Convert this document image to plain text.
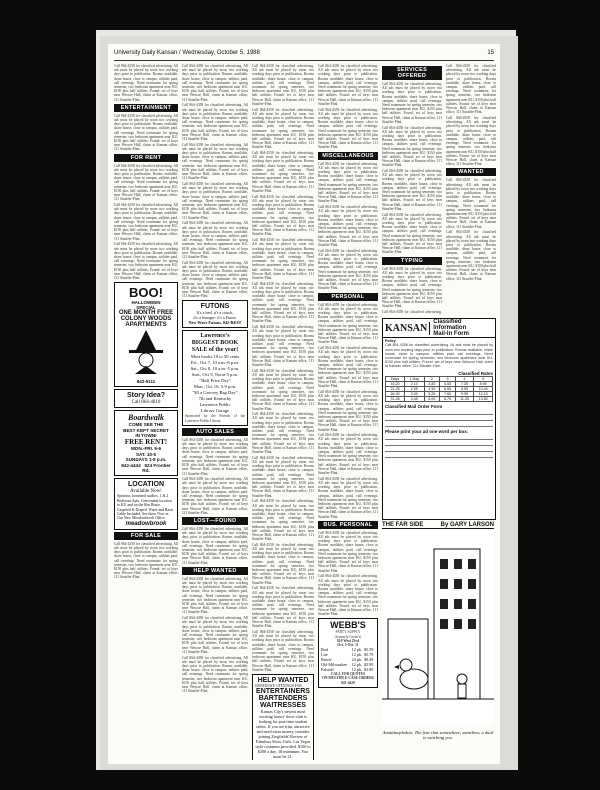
University Daily Kansan / Wednesday, October 5, 1988	15

Call 864-4358 for classified advertising. All ads must be placed by noon two working days prior to publication. Rooms available, share house, close to campus, utilities paid, call evenings. Need roommate for spring semester, two bedroom apartment near KU, $150 plus half utilities. Found: set of keys near Wescoe Hall, claim at Kansan office, 111 Stauffer-Flint.

ENTERTAINMENT

Call 864-4358 for classified advertising. All ads must be placed by noon two working days prior to publication. Rooms available, share house, close to campus, utilities paid, call evenings. Need roommate for spring semester, two bedroom apartment near KU, $150 plus half utilities. Found: set of keys near Wescoe Hall, claim at Kansan office, 111 Stauffer-Flint.

FOR RENT

Call 864-4358 for classified advertising. All ads must be placed by noon two working days prior to publication. Rooms available, share house, close to campus, utilities paid, call evenings. Need roommate for spring semester, two bedroom apartment near KU, $150 plus half utilities. Found: set of keys near Wescoe Hall, claim at Kansan office, 111 Stauffer-Flint.

Call 864-4358 for classified advertising. All ads must be placed by noon two working days prior to publication. Rooms available, share house, close to campus, utilities paid, call evenings. Need roommate for spring semester, two bedroom apartment near KU, $150 plus half utilities. Found: set of keys near Wescoe Hall, claim at Kansan office, 111 Stauffer-Flint.

Call 864-4358 for classified advertising. All ads must be placed by noon two working days prior to publication. Rooms available, share house, close to campus, utilities paid, call evenings. Need roommate for spring semester, two bedroom apartment near KU, $150 plus half utilities. Found: set of keys near Wescoe Hall, claim at Kansan office, 111 Stauffer-Flint.

BOO!
HALLOWEEN
SPECIAL
ONE MONTH FREE
COLONY WOODS
APARTMENTS
842-5111
Story Idea?
Call 864-4810
Boardwalk
COME SEE THE
BEST KEPT SECRET
IN TOWN!
FREE RENT!
MON.-FRI. 9-6
SAT. 10-5
SUNDAYS 1-5 p.m.
842-4444 524 Frontier Rd.
LOCATION
Available Now!
Spacious furnished studios, 1 & 2 Bedroom Apts. Convenient location to KU and on the Bus Route. Carpeted & Draped. Water and Basic Cable Included. See these Now in Our New Meadowbrook Office.
meadowbrook
FOR SALE

Call 864-4358 for classified advertising. All ads must be placed by noon two working days prior to publication. Rooms available, share house, close to campus, utilities paid, call evenings. Need roommate for spring semester, two bedroom apartment near KU, $150 plus half utilities. Found: set of keys near Wescoe Hall, claim at Kansan office, 111 Stauffer-Flint.

Call 864-4358 for classified advertising. All ads must be placed by noon two working days prior to publication. Rooms available, share house, close to campus, utilities paid, call evenings. Need roommate for spring semester, two bedroom apartment near KU, $150 plus half utilities. Found: set of keys near Wescoe Hall, claim at Kansan office, 111 Stauffer-Flint.

Call 864-4358 for classified advertising. All ads must be placed by noon two working days prior to publication. Rooms available, share house, close to campus, utilities paid, call evenings. Need roommate for spring semester, two bedroom apartment near KU, $150 plus half utilities. Found: set of keys near Wescoe Hall, claim at Kansan office, 111 Stauffer-Flint.

Call 864-4358 for classified advertising. All ads must be placed by noon two working days prior to publication. Rooms available, share house, close to campus, utilities paid, call evenings. Need roommate for spring semester, two bedroom apartment near KU, $150 plus half utilities. Found: set of keys near Wescoe Hall, claim at Kansan office, 111 Stauffer-Flint.

Call 864-4358 for classified advertising. All ads must be placed by noon two working days prior to publication. Rooms available, share house, close to campus, utilities paid, call evenings. Need roommate for spring semester, two bedroom apartment near KU, $150 plus half utilities. Found: set of keys near Wescoe Hall, claim at Kansan office, 111 Stauffer-Flint.

Call 864-4358 for classified advertising. All ads must be placed by noon two working days prior to publication. Rooms available, share house, close to campus, utilities paid, call evenings. Need roommate for spring semester, two bedroom apartment near KU, $150 plus half utilities. Found: set of keys near Wescoe Hall, claim at Kansan office, 111 Stauffer-Flint.

Call 864-4358 for classified advertising. All ads must be placed by noon two working days prior to publication. Rooms available, share house, close to campus, utilities paid, call evenings. Need roommate for spring semester, two bedroom apartment near KU, $150 plus half utilities. Found: set of keys near Wescoe Hall, claim at Kansan office, 111 Stauffer-Flint.

FUTONS
It's a bed, it's a couch,
it's a lounger- it's a Futon.
New Wave Futons. 842-REST
Lawrence's
BIGGEST BOOK
SALE of the year!
Most books 10 to 50 cents
Fri., Oct 7, 10 a.m.-6 p.m.
Sat., Oct 8, 10 a.m.-5 p.m.
Sun., Oct 9, Noon-5 p.m.
"Half Price Day"
Mon., Oct 10, 5-9 p.m.
"$3 a Grocery Bag Day"
7th and Kentucky
Lawrence Public
Library Garage
Sponsored by the Friends of the Lawrence Public Library
AUTO SALES

Call 864-4358 for classified advertising. All ads must be placed by noon two working days prior to publication. Rooms available, share house, close to campus, utilities paid, call evenings. Need roommate for spring semester, two bedroom apartment near KU, $150 plus half utilities. Found: set of keys near Wescoe Hall, claim at Kansan office, 111 Stauffer-Flint.

Call 864-4358 for classified advertising. All ads must be placed by noon two working days prior to publication. Rooms available, share house, close to campus, utilities paid, call evenings. Need roommate for spring semester, two bedroom apartment near KU, $150 plus half utilities. Found: set of keys near Wescoe Hall, claim at Kansan office, 111 Stauffer-Flint.

LOST—FOUND

Call 864-4358 for classified advertising. All ads must be placed by noon two working days prior to publication. Rooms available, share house, close to campus, utilities paid, call evenings. Need roommate for spring semester, two bedroom apartment near KU, $150 plus half utilities. Found: set of keys near Wescoe Hall, claim at Kansan office, 111 Stauffer-Flint.

HELP WANTED

Call 864-4358 for classified advertising. All ads must be placed by noon two working days prior to publication. Rooms available, share house, close to campus, utilities paid, call evenings. Need roommate for spring semester, two bedroom apartment near KU, $150 plus half utilities. Found: set of keys near Wescoe Hall, claim at Kansan office, 111 Stauffer-Flint.

Call 864-4358 for classified advertising. All ads must be placed by noon two working days prior to publication. Rooms available, share house, close to campus, utilities paid, call evenings. Need roommate for spring semester, two bedroom apartment near KU, $150 plus half utilities. Found: set of keys near Wescoe Hall, claim at Kansan office, 111 Stauffer-Flint.

Call 864-4358 for classified advertising. All ads must be placed by noon two working days prior to publication. Rooms available, share house, close to campus, utilities paid, call evenings. Need roommate for spring semester, two bedroom apartment near KU, $150 plus half utilities. Found: set of keys near Wescoe Hall, claim at Kansan office, 111 Stauffer-Flint.

Call 864-4358 for classified advertising. All ads must be placed by noon two working days prior to publication. Rooms available, share house, close to campus, utilities paid, call evenings. Need roommate for spring semester, two bedroom apartment near KU, $150 plus half utilities. Found: set of keys near Wescoe Hall, claim at Kansan office, 111 Stauffer-Flint.

Call 864-4358 for classified advertising. All ads must be placed by noon two working days prior to publication. Rooms available, share house, close to campus, utilities paid, call evenings. Need roommate for spring semester, two bedroom apartment near KU, $150 plus half utilities. Found: set of keys near Wescoe Hall, claim at Kansan office, 111 Stauffer-Flint.

Call 864-4358 for classified advertising. All ads must be placed by noon two working days prior to publication. Rooms available, share house, close to campus, utilities paid, call evenings. Need roommate for spring semester, two bedroom apartment near KU, $150 plus half utilities. Found: set of keys near Wescoe Hall, claim at Kansan office, 111 Stauffer-Flint.

Call 864-4358 for classified advertising. All ads must be placed by noon two working days prior to publication. Rooms available, share house, close to campus, utilities paid, call evenings. Need roommate for spring semester, two bedroom apartment near KU, $150 plus half utilities. Found: set of keys near Wescoe Hall, claim at Kansan office, 111 Stauffer-Flint.

Call 864-4358 for classified advertising. All ads must be placed by noon two working days prior to publication. Rooms available, share house, close to campus, utilities paid, call evenings. Need roommate for spring semester, two bedroom apartment near KU, $150 plus half utilities. Found: set of keys near Wescoe Hall, claim at Kansan office, 111 Stauffer-Flint.

Call 864-4358 for classified advertising. All ads must be placed by noon two working days prior to publication. Rooms available, share house, close to campus, utilities paid, call evenings. Need roommate for spring semester, two bedroom apartment near KU, $150 plus half utilities. Found: set of keys near Wescoe Hall, claim at Kansan office, 111 Stauffer-Flint.

Call 864-4358 for classified advertising. All ads must be placed by noon two working days prior to publication. Rooms available, share house, close to campus, utilities paid, call evenings. Need roommate for spring semester, two bedroom apartment near KU, $150 plus half utilities. Found: set of keys near Wescoe Hall, claim at Kansan office, 111 Stauffer-Flint.

Call 864-4358 for classified advertising. All ads must be placed by noon two working days prior to publication. Rooms available, share house, close to campus, utilities paid, call evenings. Need roommate for spring semester, two bedroom apartment near KU, $150 plus half utilities. Found: set of keys near Wescoe Hall, claim at Kansan office, 111 Stauffer-Flint.

Call 864-4358 for classified advertising. All ads must be placed by noon two working days prior to publication. Rooms available, share house, close to campus, utilities paid, call evenings. Need roommate for spring semester, two bedroom apartment near KU, $150 plus half utilities. Found: set of keys near Wescoe Hall, claim at Kansan office, 111 Stauffer-Flint.

Call 864-4358 for classified advertising. All ads must be placed by noon two working days prior to publication. Rooms available, share house, close to campus, utilities paid, call evenings. Need roommate for spring semester, two bedroom apartment near KU, $150 plus half utilities. Found: set of keys near Wescoe Hall, claim at Kansan office, 111 Stauffer-Flint.

Call 864-4358 for classified advertising. All ads must be placed by noon two working days prior to publication. Rooms available, share house, close to campus, utilities paid, call evenings. Need roommate for spring semester, two bedroom apartment near KU, $150 plus half utilities. Found: set of keys near Wescoe Hall, claim at Kansan office, 111 Stauffer-Flint.

Call 864-4358 for classified advertising. All ads must be placed by noon two working days prior to publication. Rooms available, share house, close to campus, utilities paid, call evenings. Need roommate for spring semester, two bedroom apartment near KU, $150 plus half utilities. Found: set of keys near Wescoe Hall, claim at Kansan office, 111 Stauffer-Flint.

Call 864-4358 for classified advertising. All ads must be placed by noon two working days prior to publication. Rooms available, share house, close to campus, utilities paid, call evenings. Need roommate for spring semester, two bedroom apartment near KU, $150 plus half utilities. Found: set of keys near Wescoe Hall, claim at Kansan office, 111 Stauffer-Flint.

Call 864-4358 for classified advertising. All ads must be placed by noon two working days prior to publication. Rooms available, share house, close to campus, utilities paid, call evenings. Need roommate for spring semester, two bedroom apartment near KU, $150 plus half utilities. Found: set of keys near Wescoe Hall, claim at Kansan office, 111 Stauffer-Flint.

HELP WANTED
IMMEDIATE OPENINGS FOR
ENTERTAINERS
BARTENDERS
WAITRESSES
Kansas City's newest most exciting luxury show club is looking for part-time student talent. If you are trim, attractive and need extra money, consider joining Ziegfields' Review of Fabulous Show Girls. Las Vegas style costumes provided. $100 to $200 a day. 18 minimum. You must be 21.

Call 864-4358 for classified advertising. All ads must be placed by noon two working days prior to publication. Rooms available, share house, close to campus, utilities paid, call evenings. Need roommate for spring semester, two bedroom apartment near KU, $150 plus half utilities. Found: set of keys near Wescoe Hall, claim at Kansan office, 111 Stauffer-Flint.

Call 864-4358 for classified advertising. All ads must be placed by noon two working days prior to publication. Rooms available, share house, close to campus, utilities paid, call evenings. Need roommate for spring semester, two bedroom apartment near KU, $150 plus half utilities. Found: set of keys near Wescoe Hall, claim at Kansan office, 111 Stauffer-Flint.

MISCELLANEOUS

Call 864-4358 for classified advertising. All ads must be placed by noon two working days prior to publication. Rooms available, share house, close to campus, utilities paid, call evenings. Need roommate for spring semester, two bedroom apartment near KU, $150 plus half utilities. Found: set of keys near Wescoe Hall, claim at Kansan office, 111 Stauffer-Flint.

Call 864-4358 for classified advertising. All ads must be placed by noon two working days prior to publication. Rooms available, share house, close to campus, utilities paid, call evenings. Need roommate for spring semester, two bedroom apartment near KU, $150 plus half utilities. Found: set of keys near Wescoe Hall, claim at Kansan office, 111 Stauffer-Flint.

Call 864-4358 for classified advertising. All ads must be placed by noon two working days prior to publication. Rooms available, share house, close to campus, utilities paid, call evenings. Need roommate for spring semester, two bedroom apartment near KU, $150 plus half utilities. Found: set of keys near Wescoe Hall, claim at Kansan office, 111 Stauffer-Flint.

PERSONAL

Call 864-4358 for classified advertising. All ads must be placed by noon two working days prior to publication. Rooms available, share house, close to campus, utilities paid, call evenings. Need roommate for spring semester, two bedroom apartment near KU, $150 plus half utilities. Found: set of keys near Wescoe Hall, claim at Kansan office, 111 Stauffer-Flint.

Call 864-4358 for classified advertising. All ads must be placed by noon two working days prior to publication. Rooms available, share house, close to campus, utilities paid, call evenings. Need roommate for spring semester, two bedroom apartment near KU, $150 plus half utilities. Found: set of keys near Wescoe Hall, claim at Kansan office, 111 Stauffer-Flint.

Call 864-4358 for classified advertising. All ads must be placed by noon two working days prior to publication. Rooms available, share house, close to campus, utilities paid, call evenings. Need roommate for spring semester, two bedroom apartment near KU, $150 plus half utilities. Found: set of keys near Wescoe Hall, claim at Kansan office, 111 Stauffer-Flint.

Call 864-4358 for classified advertising. All ads must be placed by noon two working days prior to publication. Rooms available, share house, close to campus, utilities paid, call evenings. Need roommate for spring semester, two bedroom apartment near KU, $150 plus half utilities. Found: set of keys near Wescoe Hall, claim at Kansan office, 111 Stauffer-Flint.

Call 864-4358 for classified advertising. All ads must be placed by noon two working days prior to publication. Rooms available, share house, close to campus, utilities paid, call evenings. Need roommate for spring semester, two bedroom apartment near KU, $150 plus half utilities. Found: set of keys near Wescoe Hall, claim at Kansan office, 111 Stauffer-Flint.

BUS. PERSONAL

Call 864-4358 for classified advertising. All ads must be placed by noon two working days prior to publication. Rooms available, share house, close to campus, utilities paid, call evenings. Need roommate for spring semester, two bedroom apartment near KU, $150 plus half utilities. Found: set of keys near Wescoe Hall, claim at Kansan office, 111 Stauffer-Flint.

Call 864-4358 for classified advertising. All ads must be placed by noon two working days prior to publication. Rooms available, share house, close to campus, utilities paid, call evenings. Need roommate for spring semester, two bedroom apartment near KU, $150 plus half utilities. Found: set of keys near Wescoe Hall, claim at Kansan office, 111 Stauffer-Flint.

WEBB'S
PARTY SUPPLY
(formerly Green's)
810 West 23rd
Oct. 5-Oct. 11
Bud	12 pk.	$5.59
Lite	12 pk.	$5.79
Busch	24 pk.	$9.49
Old Milwaukee	12 pk.	$3.99
Falstaff	12 pk.	$3.89
CALL FOR QUOTES
ON MULTIPLE-CASE ORDERS
841-4420
SERVICES OFFERED

Call 864-4358 for classified advertising. All ads must be placed by noon two working days prior to publication. Rooms available, share house, close to campus, utilities paid, call evenings. Need roommate for spring semester, two bedroom apartment near KU, $150 plus half utilities. Found: set of keys near Wescoe Hall, claim at Kansan office, 111 Stauffer-Flint.

Call 864-4358 for classified advertising. All ads must be placed by noon two working days prior to publication. Rooms available, share house, close to campus, utilities paid, call evenings. Need roommate for spring semester, two bedroom apartment near KU, $150 plus half utilities. Found: set of keys near Wescoe Hall, claim at Kansan office, 111 Stauffer-Flint.

Call 864-4358 for classified advertising. All ads must be placed by noon two working days prior to publication. Rooms available, share house, close to campus, utilities paid, call evenings. Need roommate for spring semester, two bedroom apartment near KU, $150 plus half utilities. Found: set of keys near Wescoe Hall, claim at Kansan office, 111 Stauffer-Flint.

Call 864-4358 for classified advertising. All ads must be placed by noon two working days prior to publication. Rooms available, share house, close to campus, utilities paid, call evenings. Need roommate for spring semester, two bedroom apartment near KU, $150 plus half utilities. Found: set of keys near Wescoe Hall, claim at Kansan office, 111 Stauffer-Flint.

TYPING

Call 864-4358 for classified advertising. All ads must be placed by noon two working days prior to publication. Rooms available, share house, close to campus, utilities paid, call evenings. Need roommate for spring semester, two bedroom apartment near KU, $150 plus half utilities. Found: set of keys near Wescoe Hall, claim at Kansan office, 111 Stauffer-Flint.

Call 864-4358 for classified advertising.

Call 864-4358 for classified advertising. All ads must be placed by noon two working days prior to publication. Rooms available, share house, close to campus, utilities paid, call evenings. Need roommate for spring semester, two bedroom apartment near KU, $150 plus half utilities. Found: set of keys near Wescoe Hall, claim at Kansan office, 111 Stauffer-Flint.

Call 864-4358 for classified advertising. All ads must be placed by noon two working days prior to publication. Rooms available, share house, close to campus, utilities paid, call evenings. Need roommate for spring semester, two bedroom apartment near KU, $150 plus half utilities. Found: set of keys near Wescoe Hall, claim at Kansan office, 111 Stauffer-Flint.

WANTED

Call 864-4358 for classified advertising. All ads must be placed by noon two working days prior to publication. Rooms available, share house, close to campus, utilities paid, call evenings. Need roommate for spring semester, two bedroom apartment near KU, $150 plus half utilities. Found: set of keys near Wescoe Hall, claim at Kansan office, 111 Stauffer-Flint.

Call 864-4358 for classified advertising. All ads must be placed by noon two working days prior to publication. Rooms available, share house, close to campus, utilities paid, call evenings. Need roommate for spring semester, two bedroom apartment near KU, $150 plus half utilities. Found: set of keys near Wescoe Hall, claim at Kansan office, 111 Stauffer-Flint.

KANSAN
Classified Information
Mail-In Form
Policy
Call 864-4358 for classified advertising. All ads must be placed by noon two working days prior to publication. Rooms available, share house, close to campus, utilities paid, call evenings. Need roommate for spring semester, two bedroom apartment near KU, $150 plus half utilities. Found: set of keys near Wescoe Hall, claim at Kansan office, 111 Stauffer-Flint.
Classified Rates
Days	1 Day	2	3	4	5
15-20	2.10	3.80	5.55	7.35	8.95
21-25	2.55	4.50	6.55	8.55	10.45
26-30	3.00	5.25	7.65	9.95	12.15
31-35	3.45	6.00	8.75	11.35	13.85
Classified Mail Order Form
Please print your ad one word per box:
THE FAR SIDE	By GARY LARSON
Anatidaephobia: The fear that somewhere, somehow, a duck is watching you.
